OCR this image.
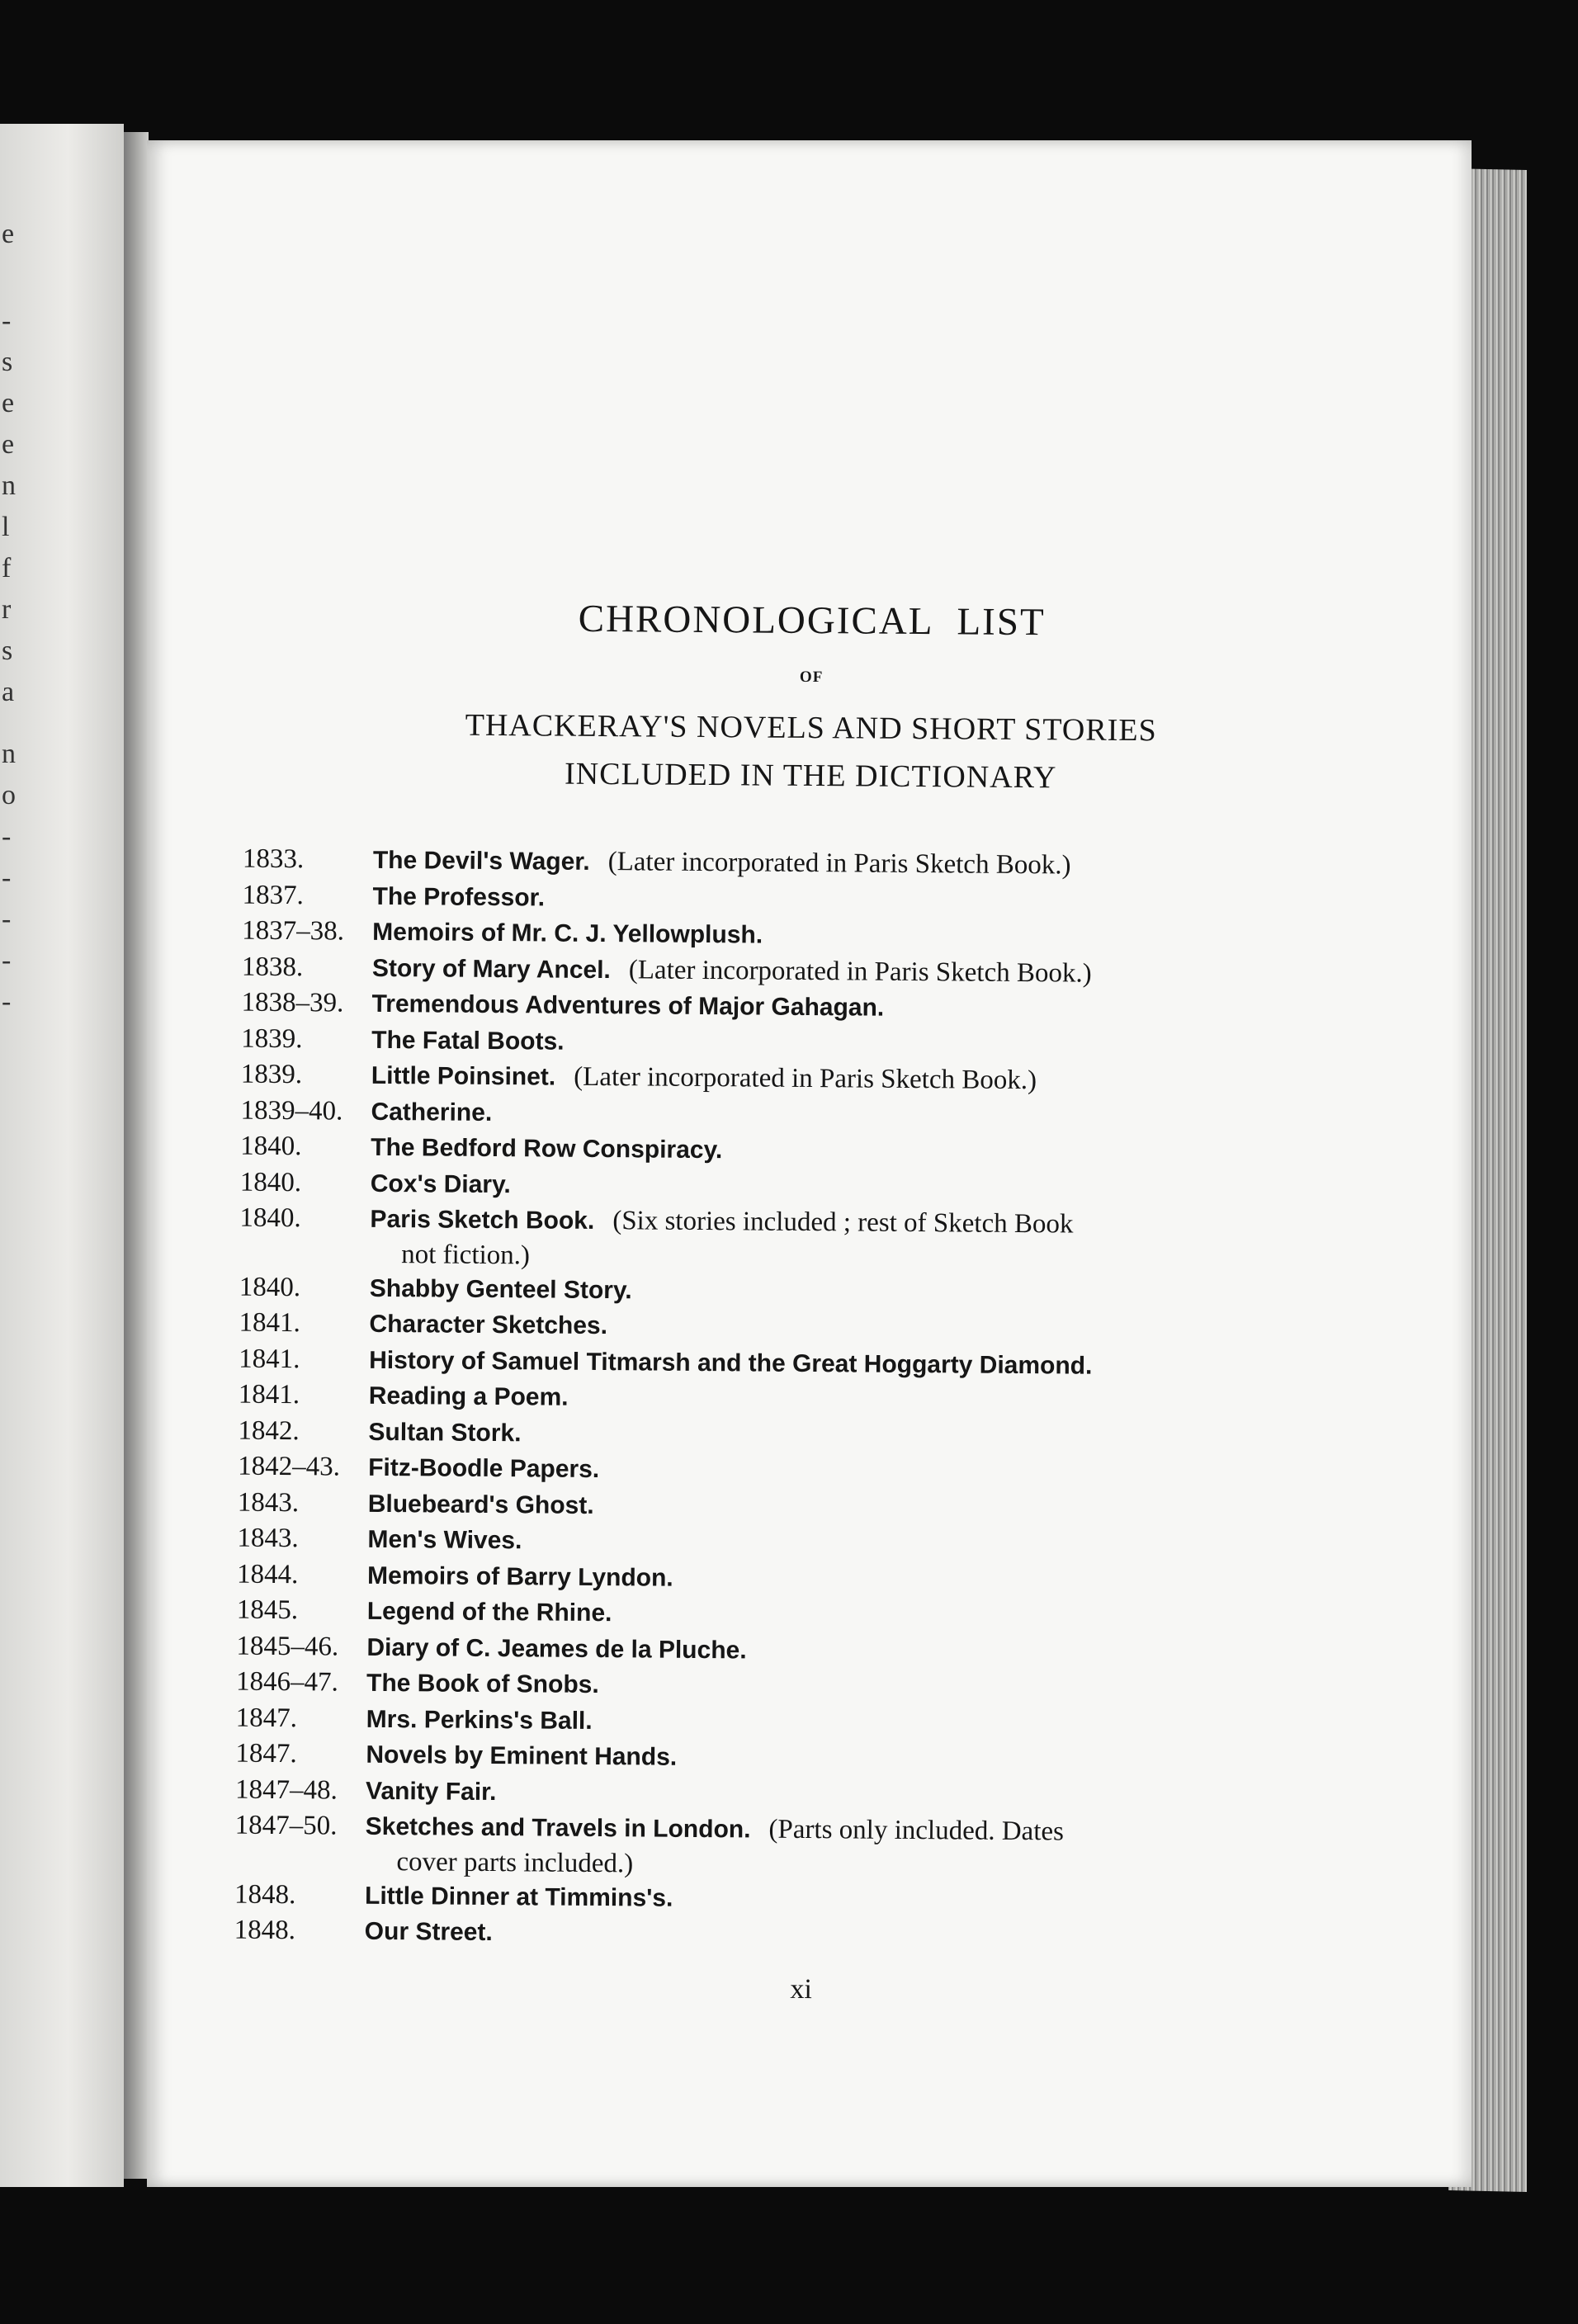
e
-
s
e
e
n
l
f
r
s
a
n
o
-
-
-
-
-
CHRONOLOGICAL LIST
OF
THACKERAY'S NOVELS AND SHORT STORIES
INCLUDED IN THE DICTIONARY
1833.	The Devil's Wager. (Later incorporated in Paris Sketch Book.)
1837.	The Professor.
1837–38.	Memoirs of Mr. C. J. Yellowplush.
1838.	Story of Mary Ancel. (Later incorporated in Paris Sketch Book.)
1838–39.	Tremendous Adventures of Major Gahagan.
1839.	The Fatal Boots.
1839.	Little Poinsinet. (Later incorporated in Paris Sketch Book.)
1839–40.	Catherine.
1840.	The Bedford Row Conspiracy.
1840.	Cox's Diary.
1840.	Paris Sketch Book. (Six stories included ; rest of Sketch Book
not fiction.)
1840.	Shabby Genteel Story.
1841.	Character Sketches.
1841.	History of Samuel Titmarsh and the Great Hoggarty Diamond.
1841.	Reading a Poem.
1842.	Sultan Stork.
1842–43.	Fitz-Boodle Papers.
1843.	Bluebeard's Ghost.
1843.	Men's Wives.
1844.	Memoirs of Barry Lyndon.
1845.	Legend of the Rhine.
1845–46.	Diary of C. Jeames de la Pluche.
1846–47.	The Book of Snobs.
1847.	Mrs. Perkins's Ball.
1847.	Novels by Eminent Hands.
1847–48.	Vanity Fair.
1847–50.	Sketches and Travels in London. (Parts only included. Dates
cover parts included.)
1848.	Little Dinner at Timmins's.
1848.	Our Street.
xi
